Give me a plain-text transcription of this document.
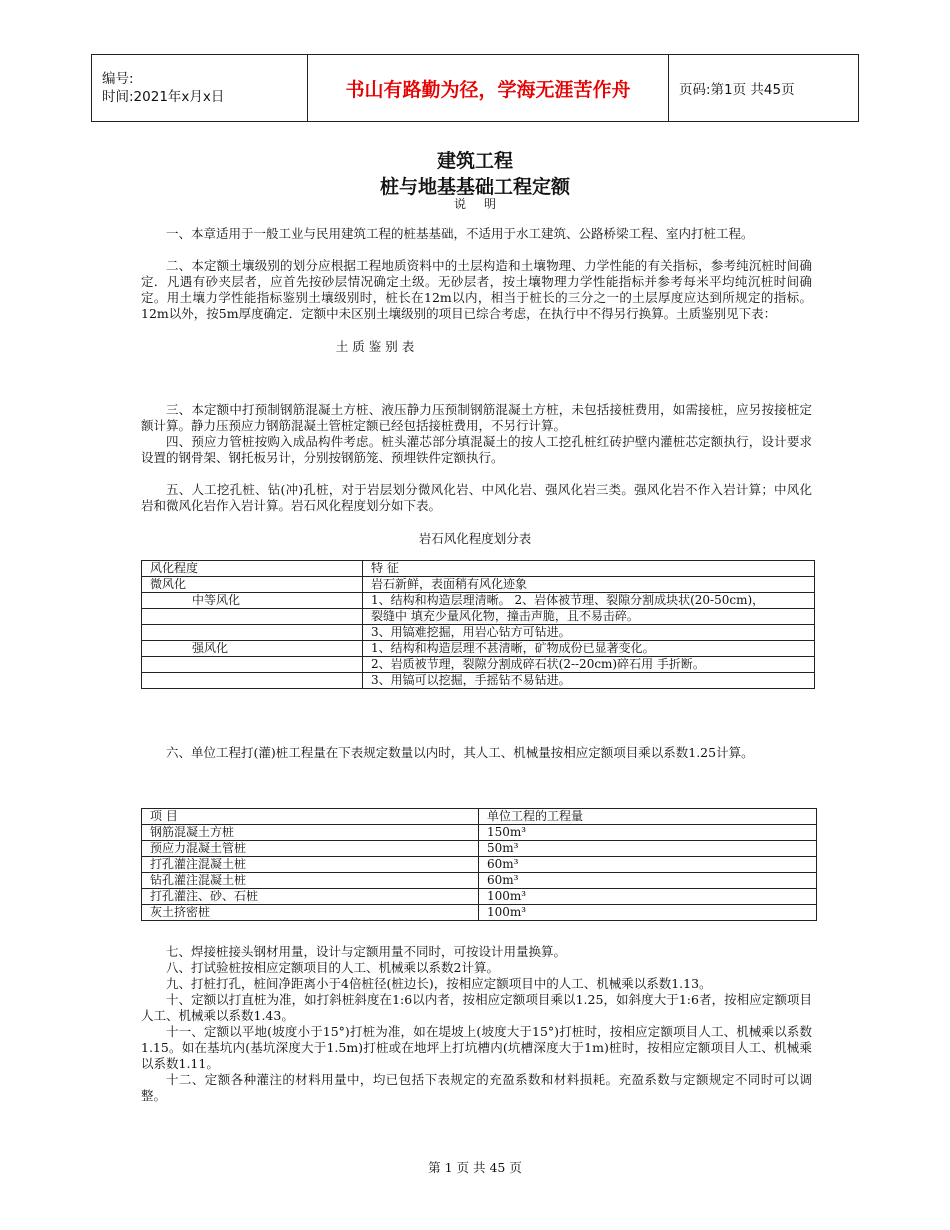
编号:
时间:2021年x月x日	书山有路勤为径，学海无涯苦作舟	页码:第1页 共45页
建筑工程
桩与地基基础工程定额
说明

一、本章适用于一般工业与民用建筑工程的桩基基础，不适用于水工建筑、公路桥梁工程、室内打桩工程。

二、本定额土壤级别的划分应根据工程地质资料中的土层构造和土壤物理、力学性能的有关指标，参考纯沉桩时间确定．凡遇有砂夹层者，应首先按砂层情况确定土级。无砂层者，按土壤物理力学性能指标并参考每米平均纯沉桩时间确定。用土壤力学性能指标鉴别土壤级别时，桩长在12m以内，相当于桩长的三分之一的土层厚度应达到所规定的指标。12m以外，按5m厚度确定．定额中未区别土壤级别的项目已综合考虑，在执行中不得另行换算。土质鉴别见下表：

土 质 鉴 别 表

三、本定额中打预制钢筋混凝土方桩、液压静力压预制钢筋混凝土方桩，未包括接桩费用，如需接桩，应另按接桩定额计算。静力压预应力钢筋混凝土管桩定额已经包括接桩费用，不另行计算。

四、预应力管桩按购入成品构件考虑。桩头灌芯部分填混凝土的按人工挖孔桩红砖护壁内灌桩芯定额执行，设计要求设置的钢骨架、钢托板另计，分别按钢筋笼、预埋铁件定额执行。

五、人工挖孔桩、钻(冲)孔桩，对于岩层划分微风化岩、中风化岩、强风化岩三类。强风化岩不作入岩计算；中风化岩和微风化岩作入岩计算。岩石风化程度划分如下表。

岩石风化程度划分表
风化程度	特 征
微风化	岩石新鲜，表面稍有风化迹象
中等风化	1、结构和构造层理清晰。 2、岩体被节理、裂隙分割成块状(20-50cm)，
	裂缝中 填充少量风化物，撞击声脆，且不易击碎。
	3、用镐难挖掘，用岩心钻方可钻进。
强风化	1、结构和构造层理不甚清晰，矿物成份已显著变化。
	2、岩质被节理，裂隙分割成碎石状(2--20cm)碎石用 手折断。
	3、用镐可以挖掘，手摇钻不易钻进。

六、单位工程打(灌)桩工程量在下表规定数量以内时，其人工、机械量按相应定额项目乘以系数1.25计算。

项 目	单位工程的工程量
钢筋混凝土方桩	150m³
预应力混凝土管桩	50m³
打孔灌注混凝土桩	60m³
钻孔灌注混凝土桩	60m³
打孔灌注、砂、石桩	100m³
灰土挤密桩	100m³

七、焊接桩接头钢材用量，设计与定额用量不同时，可按设计用量换算。

八、打试验桩按相应定额项目的人工、机械乘以系数2计算。

九、打桩打孔，桩间净距离小于4倍桩径(桩边长)，按相应定额项目中的人工、机械乘以系数1.13。

十、定额以打直桩为准，如打斜桩斜度在1:6以内者，按相应定额项目乘以1.25，如斜度大于1:6者，按相应定额项目人工、机械乘以系数1.43。

十一、定额以平地(坡度小于15°)打桩为准，如在堤坡上(坡度大于15°)打桩时，按相应定额项目人工、机械乘以系数1.15。如在基坑内(基坑深度大于1.5m)打桩或在地坪上打坑槽内(坑槽深度大于1m)桩时，按相应定额项目人工、机械乘以系数1.11。

十二、定额各种灌注的材料用量中，均已包括下表规定的充盈系数和材料损耗。充盈系数与定额规定不同时可以调整。

第 1 页 共 45 页
